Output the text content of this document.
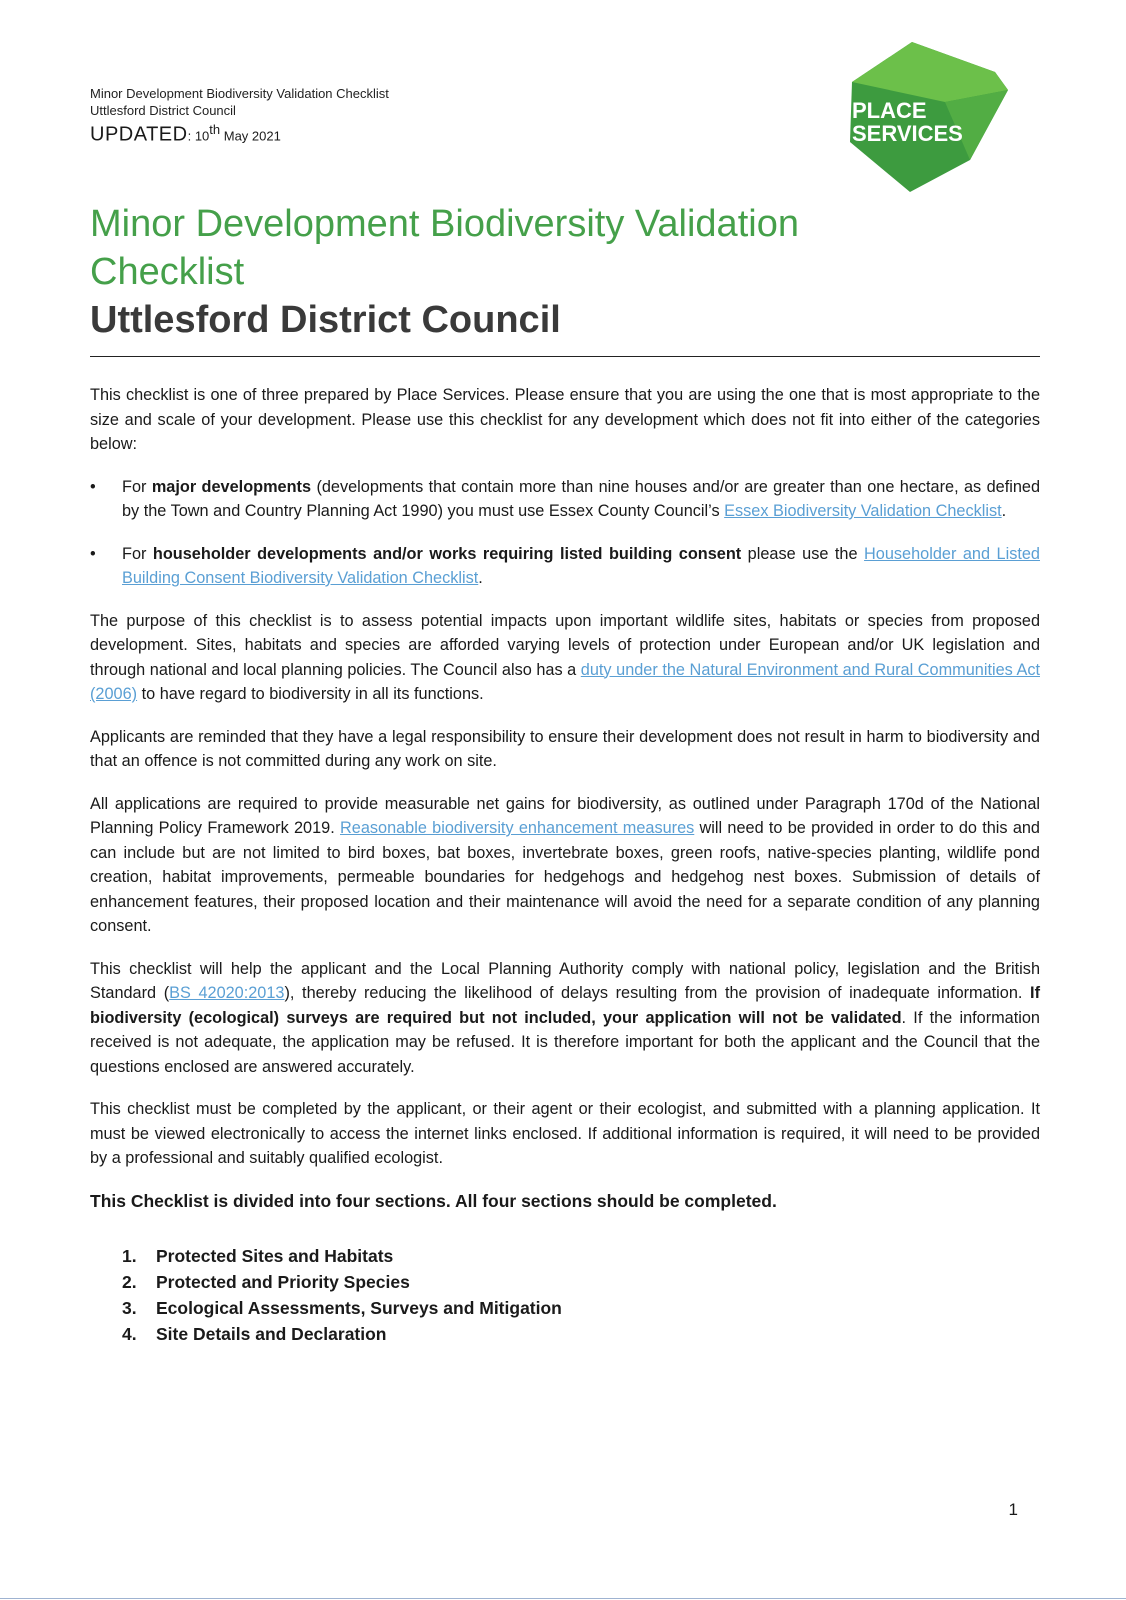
Minor Development Biodiversity Validation Checklist
Uttlesford District Council
UPDATED: 10th May 2021
PLACE
SERVICES
Minor Development Biodiversity Validation
Checklist
Uttlesford District Council

This checklist is one of three prepared by Place Services. Please ensure that you are using the one that is most appropriate to the size and scale of your development. Please use this checklist for any development which does not fit into either of the categories below:

• For major developments (developments that contain more than nine houses and/or are greater than one hectare, as defined by the Town and Country Planning Act 1990) you must use Essex County Council’s Essex Biodiversity Validation Checklist.
• For householder developments and/or works requiring listed building consent please use the Householder and Listed Building Consent Biodiversity Validation Checklist.

The purpose of this checklist is to assess potential impacts upon important wildlife sites, habitats or species from proposed development. Sites, habitats and species are afforded varying levels of protection under European and/or UK legislation and through national and local planning policies. The Council also has a duty under the Natural Environment and Rural Communities Act (2006) to have regard to biodiversity in all its functions.

Applicants are reminded that they have a legal responsibility to ensure their development does not result in harm to biodiversity and that an offence is not committed during any work on site.

All applications are required to provide measurable net gains for biodiversity, as outlined under Paragraph 170d of the National Planning Policy Framework 2019. Reasonable biodiversity enhancement measures will need to be provided in order to do this and can include but are not limited to bird boxes, bat boxes, invertebrate boxes, green roofs, native-species planting, wildlife pond creation, habitat improvements, permeable boundaries for hedgehogs and hedgehog nest boxes. Submission of details of enhancement features, their proposed location and their maintenance will avoid the need for a separate condition of any planning consent.

This checklist will help the applicant and the Local Planning Authority comply with national policy, legislation and the British Standard (BS 42020:2013), thereby reducing the likelihood of delays resulting from the provision of inadequate information. If biodiversity (ecological) surveys are required but not included, your application will not be validated. If the information received is not adequate, the application may be refused. It is therefore important for both the applicant and the Council that the questions enclosed are answered accurately.

This checklist must be completed by the applicant, or their agent or their ecologist, and submitted with a planning application. It must be viewed electronically to access the internet links enclosed. If additional information is required, it will need to be provided by a professional and suitably qualified ecologist.

This Checklist is divided into four sections. All four sections should be completed.

1. Protected Sites and Habitats
2. Protected and Priority Species
3. Ecological Assessments, Surveys and Mitigation
4. Site Details and Declaration
1
